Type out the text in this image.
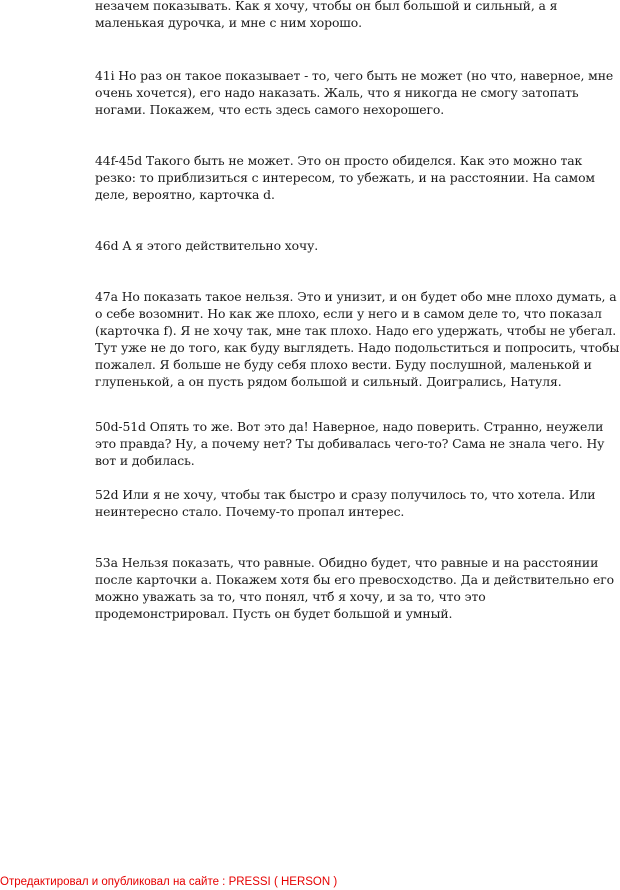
незачем показывать. Как я хочу, чтобы он был большой и сильный, а я маленькая дурочка, и мне с ним хорошо.

41i Но раз он такое показывает - то, чего быть не может (но что, наверное, мне очень хочется), его надо наказать. Жаль, что я никогда не смогу затопать ногами. Покажем, что есть здесь самого нехорошего.

44f-45d Такого быть не может. Это он просто обиделся. Как это можно так резко: то приблизиться с интересом, то убежать, и на расстоянии. На самом деле, вероятно, карточка d.

46d А я этого действительно хочу.

47a Но показать такое нельзя. Это и унизит, и он будет обо мне плохо думать, а о себе возомнит. Но как же плохо, если у него и в самом деле то, что показал (карточка f). Я не хочу так, мне так плохо. Надо его удержать, чтобы не убегал. Тут уже не до того, как буду выглядеть. Надо подольститься и попросить, чтобы пожалел. Я больше не буду себя плохо вести. Буду послушной, маленькой и глупенькой, а он пусть рядом большой и сильный. Доигрались, Натуля.

50d-51d Опять то же. Вот это да! Наверное, надо поверить. Странно, неужели это правда? Ну, а почему нет? Ты добивалась чего-то? Сама не знала чего. Ну вот и добилась.

52d Или я не хочу, чтобы так быстро и сразу получилось то, что хотела. Или неинтересно стало. Почему-то пропал интерес.

53a Нельзя показать, что равные. Обидно будет, что равные и на расстоянии после карточки a. Покажем хотя бы его превосходство. Да и действительно его можно уважать за то, что понял, чтб я хочу, и за то, что это продемонстрировал. Пусть он будет большой и умный.

Отредактировал и опубликовал на сайте : PRESSI ( HERSON )
